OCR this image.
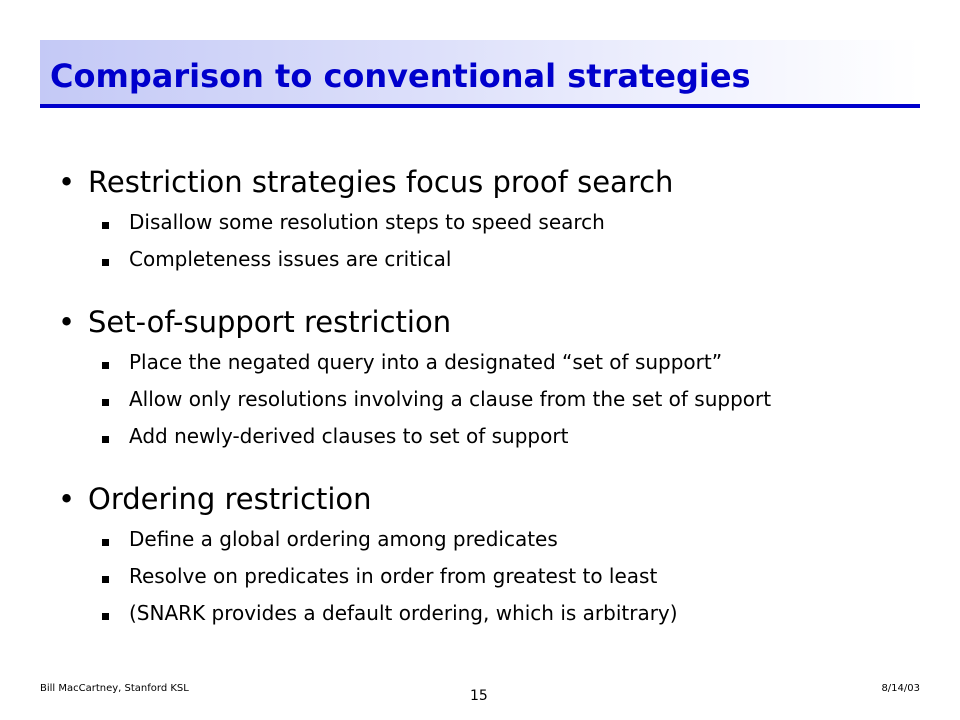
Comparison to conventional strategies
• Restriction strategies focus proof search
Disallow some resolution steps to speed search
Completeness issues are critical
• Set-of-support restriction
Place the negated query into a designated “set of support”
Allow only resolutions involving a clause from the set of support
Add newly-derived clauses to set of support
• Ordering restriction
Define a global ordering among predicates
Resolve on predicates in order from greatest to least
(SNARK provides a default ordering, which is arbitrary)
Bill MacCartney, Stanford KSL	15	8/14/03
